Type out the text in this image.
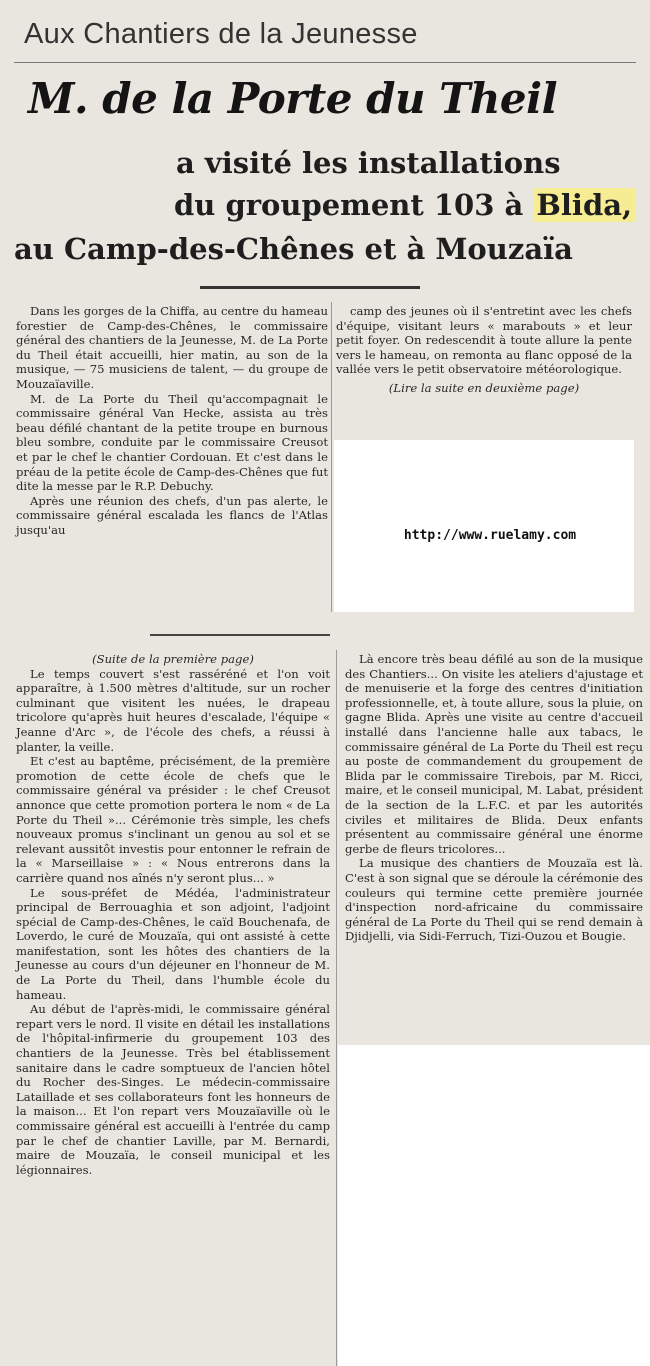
Aux Chantiers de la Jeunesse
M. de la Porte du Theil
a visité les installations
du groupement 103 à Blida,
au Camp-des-Chênes et à Mouzaïa

Dans les gorges de la Chiffa, au centre du hameau forestier de Camp-des-Chênes, le commissaire général des chantiers de la Jeunesse, M. de La Porte du Theil était accueilli, hier matin, au son de la musique, — 75 musiciens de talent, — du groupe de Mouzaïaville.

M. de La Porte du Theil qu'accompagnait le commissaire général Van Hecke, assista au très beau défilé chantant de la petite troupe en burnous bleu sombre, conduite par le commissaire Creusot et par le chef le chantier Cordouan. Et c'est dans le préau de la petite école de Camp-des-Chênes que fut dite la messe par le R.P. Debuchy.

Après une réunion des chefs, d'un pas alerte, le commissaire général escalada les flancs de l'Atlas jusqu'au

camp des jeunes où il s'entretint avec les chefs d'équipe, visitant leurs « marabouts » et leur petit foyer. On redescendit à toute allure la pente vers le hameau, on remonta au flanc opposé de la vallée vers le petit observatoire météorologique.

(Lire la suite en deuxième page)

http://www.ruelamy.com

(Suite de la première page)

Le temps couvert s'est rasséréné et l'on voit apparaître, à 1.500 mètres d'altitude, sur un rocher culminant que visitent les nuées, le drapeau tricolore qu'après huit heures d'escalade, l'équipe « Jeanne d'Arc », de l'école des chefs, a réussi à planter, la veille.

Et c'est au baptême, précisément, de la première promotion de cette école de chefs que le commissaire général va présider : le chef Creusot annonce que cette promotion portera le nom « de La Porte du Theil »... Cérémonie très simple, les chefs nouveaux promus s'inclinant un genou au sol et se relevant aussitôt investis pour entonner le refrain de la « Marseillaise » : « Nous entrerons dans la carrière quand nos aînés n'y seront plus... »

Le sous-préfet de Médéa, l'administrateur principal de Berrouaghia et son adjoint, l'adjoint spécial de Camp-des-Chênes, le caïd Bouchenafa, de Loverdo, le curé de Mouzaïa, qui ont assisté à cette manifestation, sont les hôtes des chantiers de la Jeunesse au cours d'un déjeuner en l'honneur de M. de La Porte du Theil, dans l'humble école du hameau.

Au début de l'après-midi, le commissaire général repart vers le nord. Il visite en détail les installations de l'hôpital-infirmerie du groupement 103 des chantiers de la Jeunesse. Très bel établissement sanitaire dans le cadre somptueux de l'ancien hôtel du Rocher des-Singes. Le médecin-commissaire Lataillade et ses collaborateurs font les honneurs de la maison... Et l'on repart vers Mouzaïaville où le commissaire général est accueilli à l'entrée du camp par le chef de chantier Laville, par M. Bernardi, maire de Mouzaïa, le conseil municipal et les légionnaires.

Là encore très beau défilé au son de la musique des Chantiers... On visite les ateliers d'ajustage et de menuiserie et la forge des centres d'initiation professionnelle, et, à toute allure, sous la pluie, on gagne Blida. Après une visite au centre d'accueil installé dans l'ancienne halle aux tabacs, le commissaire général de La Porte du Theil est reçu au poste de commandement du groupement de Blida par le commissaire Tirebois, par M. Ricci, maire, et le conseil municipal, M. Labat, président de la section de la L.F.C. et par les autorités civiles et militaires de Blida. Deux enfants présentent au commissaire général une énorme gerbe de fleurs tricolores...

La musique des chantiers de Mouzaïa est là. C'est à son signal que se déroule la cérémonie des couleurs qui termine cette première journée d'inspection nord-africaine du commissaire général de La Porte du Theil qui se rend demain à Djidjelli, via Sidi-Ferruch, Tizi-Ouzou et Bougie.
